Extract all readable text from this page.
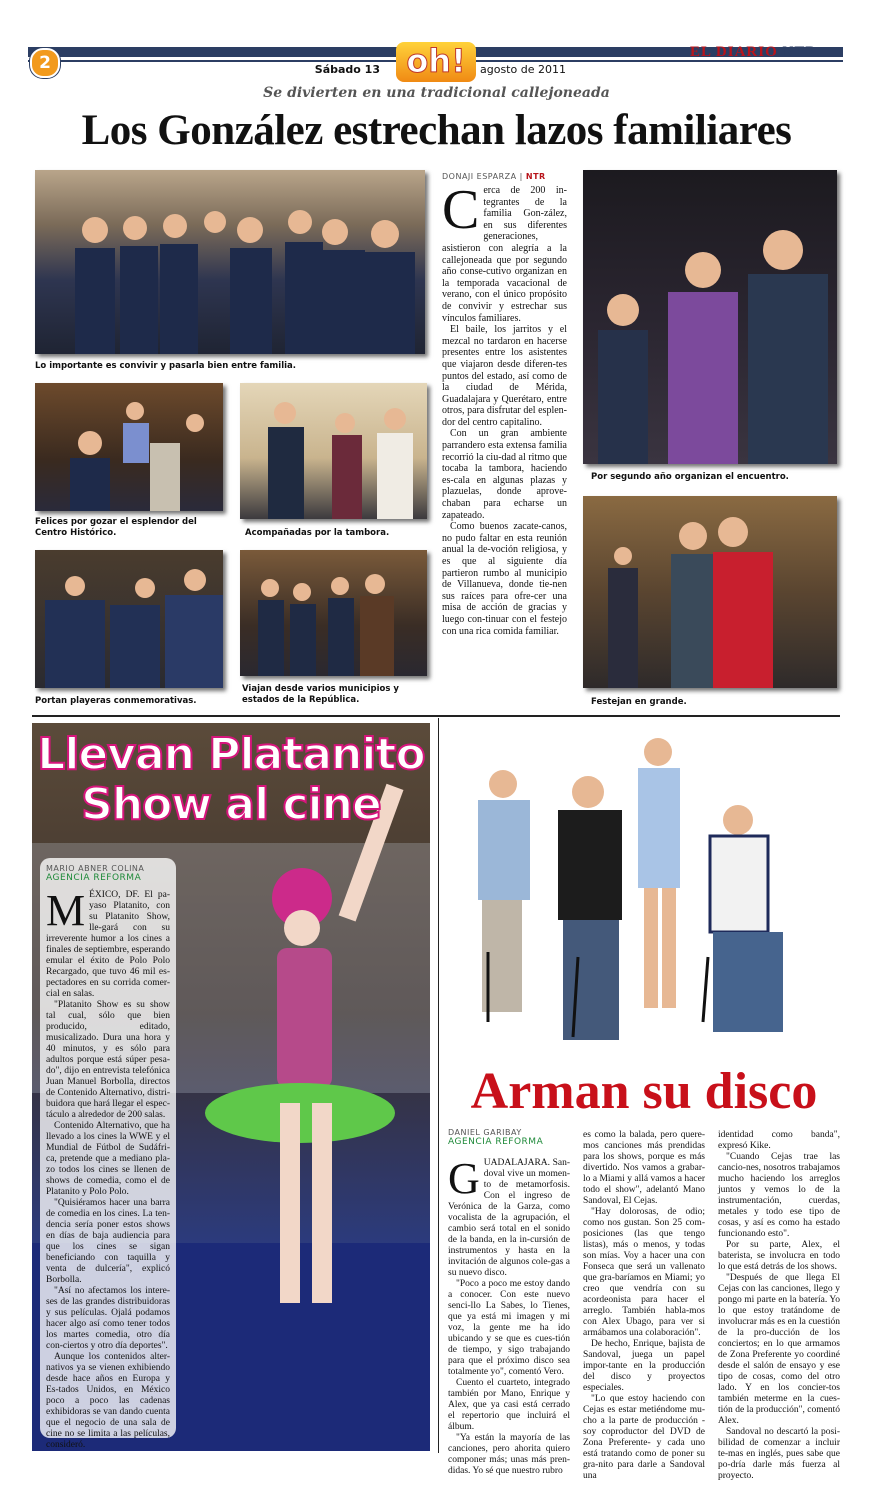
2	Sábado 13 oh!	agosto de 2011
EL DIARIO NTR
Se divierten en una tradicional callejoneada
Los González estrechan lazos familiares
Lo importante es convivir y pasarla bien entre familia.
Felices por gozar el esplendor del Centro Histórico.	Acompañadas por la tambora.
Portan playeras conmemorativas.
Viajan desde varios municipios y estados de la República.
Por segundo año organizan el encuentro.
Festejan en grande.
DONAJI ESPARZA | NTR
C erca de 200 in-tegrantes de la familia Gon-zález, en sus diferentes generaciones, asistieron con alegría a la callejoneada que por segundo año conse-cutivo organizan en la temporada vacacional de verano, con el único propósito de convivir y estrechar sus vínculos familiares.

El baile, los jarritos y el mezcal no tardaron en hacerse presentes entre los asistentes que viajaron desde diferen-tes puntos del estado, así como de la ciudad de Mérida, Guadalajara y Querétaro, entre otros, para disfrutar del esplen-dor del centro capitalino.

Con un gran ambiente parrandero esta extensa familia recorrió la ciu-dad al ritmo que tocaba la tambora, haciendo es-cala en algunas plazas y plazuelas, donde aprove-chaban para echarse un zapateado.

Como buenos zacate-canos, no pudo faltar en esta reunión anual la de-voción religiosa, y es que al siguiente día partieron rumbo al municipio de Villanueva, donde tie-nen sus raíces para ofre-cer una misa de acción de gracias y luego con-tinuar con el festejo con una rica comida familiar.

Llevan Platanito
Show al cine
MARIO ABNER COLINA
AGENCIA REFORMA
M ÉXICO, DF. El pa-yaso Platanito, con su Platanito Show, lle-gará con su irreverente humor a los cines a finales de septiembre, esperando emular el éxito de Polo Polo Recargado, que tuvo 46 mil es-pectadores en su corrida comer-cial en salas.

"Platanito Show es su show tal cual, sólo que bien producido, editado, musicalizado. Dura una hora y 40 minutos, y es sólo para adultos porque está súper pesa-do", dijo en entrevista telefónica Juan Manuel Borbolla, directos de Contenido Alternativo, distri-buidora que hará llegar el espec-táculo a alrededor de 200 salas.

Contenido Alternativo, que ha llevado a los cines la WWE y el Mundial de Fútbol de Sudáfri-ca, pretende que a mediano pla-zo todos los cines se llenen de shows de comedia, como el de Platanito y Polo Polo.

"Quisiéramos hacer una barra de comedia en los cines. La ten-dencia sería poner estos shows en días de baja audiencia para que los cines se sigan beneficiando con taquilla y venta de dulcería", explicó Borbolla.

"Así no afectamos los intere-ses de las grandes distribuidoras y sus películas. Ojalá podamos hacer algo así como tener todos los martes comedia, otro día con-ciertos y otro día deportes".

Aunque los contenidos alter-nativos ya se vienen exhibiendo desde hace años en Europa y Es-tados Unidos, en México poco a poco las cadenas exhibidoras se van dando cuenta que el negocio de una sala de cine no se limita a las películas, consideró.

Arman su disco
DANIEL GARIBAY
AGENCIA REFORMA
G UADALAJARA. San-doval vive un momen-to de metamorfosis. Con el ingreso de Verónica de la Garza, como vocalista de la agrupación, el cambio será total en el sonido de la banda, en la in-cursión de instrumentos y hasta en la invitación de algunos cole-gas a su nuevo disco.

"Poco a poco me estoy dando a conocer. Con este nuevo senci-llo La Sabes, lo Tienes, que ya está mi imagen y mi voz, la gente me ha ido ubicando y se que es cues-tión de tiempo, y sigo trabajando para que el próximo disco sea totalmente yo", comentó Vero.

Cuento el cuarteto, integrado también por Mano, Enrique y Alex, que ya casi está cerrado el repertorio que incluirá el álbum.

"Ya están la mayoría de las canciones, pero ahorita quiero componer más; unas más pren-didas. Yo sé que nuestro rubro

es como la balada, pero quere-mos canciones más prendidas para los shows, porque es más divertido. Nos vamos a grabar-lo a Miami y allá vamos a hacer todo el show", adelantó Mano Sandoval, El Cejas.

"Hay dolorosas, de odio; como nos gustan. Son 25 com-posiciones (las que tengo listas), más o menos, y todas son mías. Voy a hacer una con Fonseca que será un vallenato que gra-baríamos en Miami; yo creo que vendría con su acordeonista para hacer el arreglo. También habla-mos con Alex Ubago, para ver si armábamos una colaboración".

De hecho, Enrique, bajista de Sandoval, juega un papel impor-tante en la producción del disco y proyectos especiales.

"Lo que estoy haciendo con Cejas es estar metiéndome mu-cho a la parte de producción -soy coproductor del DVD de Zona Preferente- y cada uno está tratando como de poner su gra-nito para darle a Sandoval una

identidad como banda", expresó Kike.

"Cuando Cejas trae las cancio-nes, nosotros trabajamos mucho haciendo los arreglos juntos y vemos lo de la instrumentación, cuerdas, metales y todo ese tipo de cosas, y así es como ha estado funcionando esto".

Por su parte, Alex, el baterista, se involucra en todo lo que está detrás de los shows.

"Después de que llega El Cejas con las canciones, llego y pongo mi parte en la batería. Yo lo que estoy tratándome de involucrar más es en la cuestión de la pro-ducción de los conciertos; en lo que armamos de Zona Preferente yo coordiné desde el salón de ensayo y ese tipo de cosas, como del otro lado. Y en los concier-tos también meterme en la cues-tión de la producción", comentó Alex.

Sandoval no descartó la posi-bilidad de comenzar a incluir te-mas en inglés, pues sabe que po-dría darle más fuerza al proyecto.
